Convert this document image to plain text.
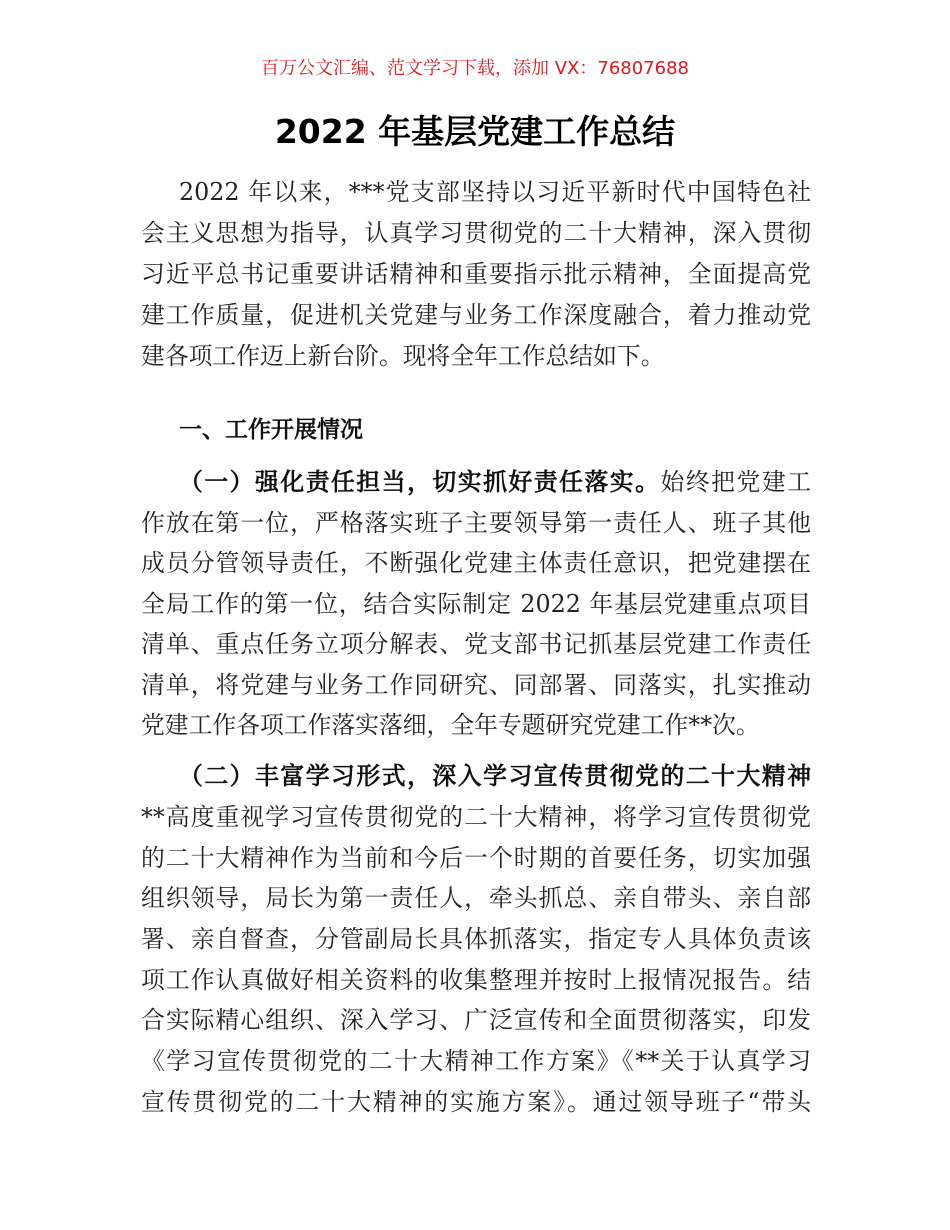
百万公文汇编、范文学习下载，添加 VX：76807688
2022 年基层党建工作总结
2022 年以来，***党支部坚持以习近平新时代中国特色社
会主义思想为指导，认真学习贯彻党的二十大精神，深入贯彻
习近平总书记重要讲话精神和重要指示批示精神，全面提高党
建工作质量，促进机关党建与业务工作深度融合，着力推动党
建各项工作迈上新台阶。现将全年工作总结如下。
一、工作开展情况
（一）强化责任担当，切实抓好责任落实。始终把党建工
作放在第一位，严格落实班子主要领导第一责任人、班子其他
成员分管领导责任，不断强化党建主体责任意识，把党建摆在
全局工作的第一位，结合实际制定 2022 年基层党建重点项目
清单、重点任务立项分解表、党支部书记抓基层党建工作责任
清单，将党建与业务工作同研究、同部署、同落实，扎实推动
党建工作各项工作落实落细，全年专题研究党建工作**次。
（二）丰富学习形式，深入学习宣传贯彻党的二十大精神
**高度重视学习宣传贯彻党的二十大精神，将学习宣传贯彻党
的二十大精神作为当前和今后一个时期的首要任务，切实加强
组织领导，局长为第一责任人，牵头抓总、亲自带头、亲自部
署、亲自督查，分管副局长具体抓落实，指定专人具体负责该
项工作认真做好相关资料的收集整理并按时上报情况报告。结
合实际精心组织、深入学习、广泛宣传和全面贯彻落实，印发
《学习宣传贯彻党的二十大精神工作方案》《**关于认真学习
宣传贯彻党的二十大精神的实施方案》。通过领导班子“带头
